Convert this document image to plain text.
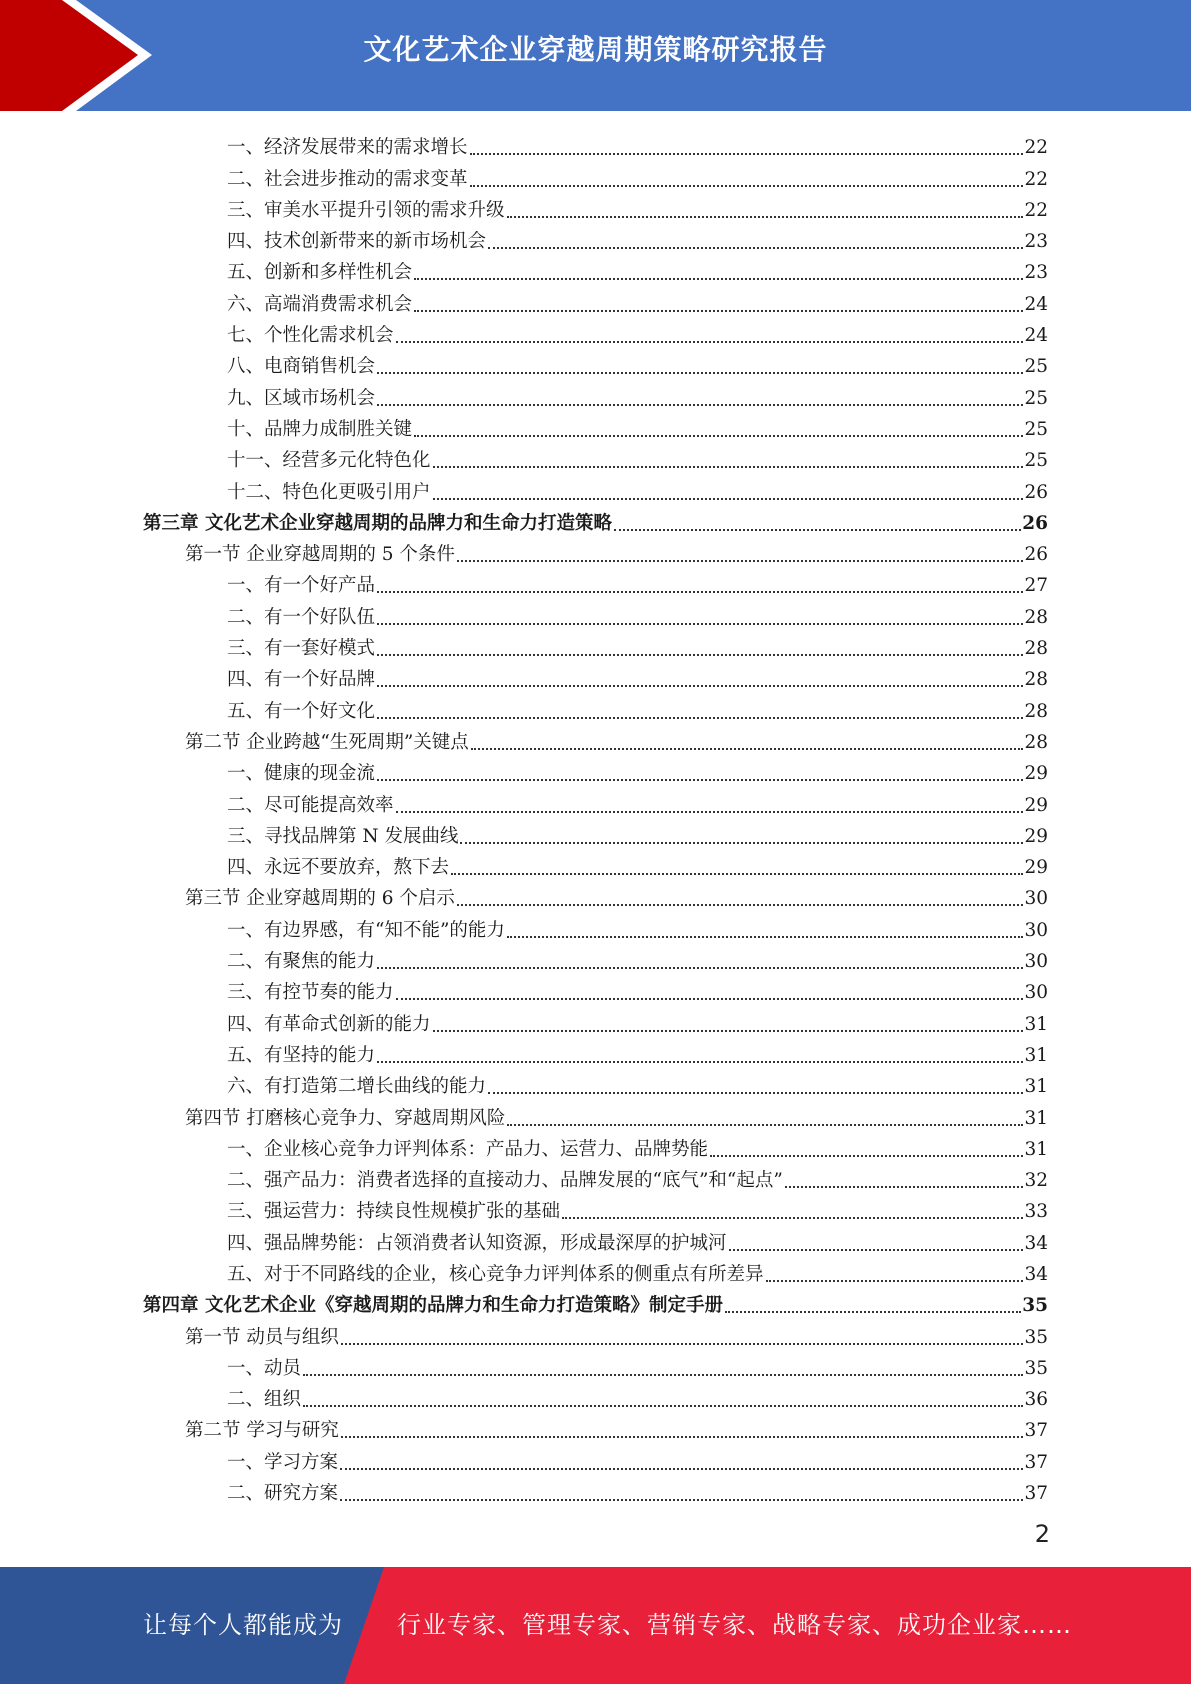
文化艺术企业穿越周期策略研究报告
一、经济发展带来的需求增长	22
二、社会进步推动的需求变革	22
三、审美水平提升引领的需求升级	22
四、技术创新带来的新市场机会	23
五、创新和多样性机会	23
六、高端消费需求机会	24
七、个性化需求机会	24
八、电商销售机会	25
九、区域市场机会	25
十、品牌力成制胜关键	25
十一、经营多元化特色化	25
十二、特色化更吸引用户	26
第三章 文化艺术企业穿越周期的品牌力和生命力打造策略	26
第一节 企业穿越周期的 5 个条件	26
一、有一个好产品	27
二、有一个好队伍	28
三、有一套好模式	28
四、有一个好品牌	28
五、有一个好文化	28
第二节 企业跨越“生死周期”关键点	28
一、健康的现金流	29
二、尽可能提高效率	29
三、寻找品牌第 N 发展曲线	29
四、永远不要放弃，熬下去	29
第三节 企业穿越周期的 6 个启示	30
一、有边界感，有“知不能”的能力	30
二、有聚焦的能力	30
三、有控节奏的能力	30
四、有革命式创新的能力	31
五、有坚持的能力	31
六、有打造第二增长曲线的能力	31
第四节 打磨核心竞争力、穿越周期风险	31
一、企业核心竞争力评判体系：产品力、运营力、品牌势能	31
二、强产品力：消费者选择的直接动力、品牌发展的“底气”和“起点”	32
三、强运营力：持续良性规模扩张的基础	33
四、强品牌势能：占领消费者认知资源，形成最深厚的护城河	34
五、对于不同路线的企业，核心竞争力评判体系的侧重点有所差异	34
第四章 文化艺术企业《穿越周期的品牌力和生命力打造策略》制定手册	35
第一节 动员与组织	35
一、动员	35
二、组织	36
第二节 学习与研究	37
一、学习方案	37
二、研究方案	37
2
让每个人都能成为 行业专家、管理专家、营销专家、战略专家、成功企业家……
